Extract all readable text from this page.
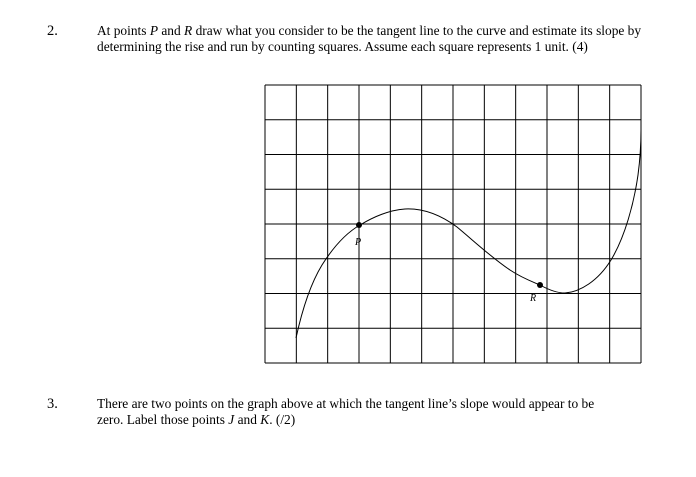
2.	At points P and R draw what you consider to be the tangent line to the curve and estimate its slope by
determining the rise and run by counting squares. Assume each square represents 1 unit. (4)
P
R
3.	There are two points on the graph above at which the tangent line’s slope would appear to be
zero. Label those points J and K. (/2)
